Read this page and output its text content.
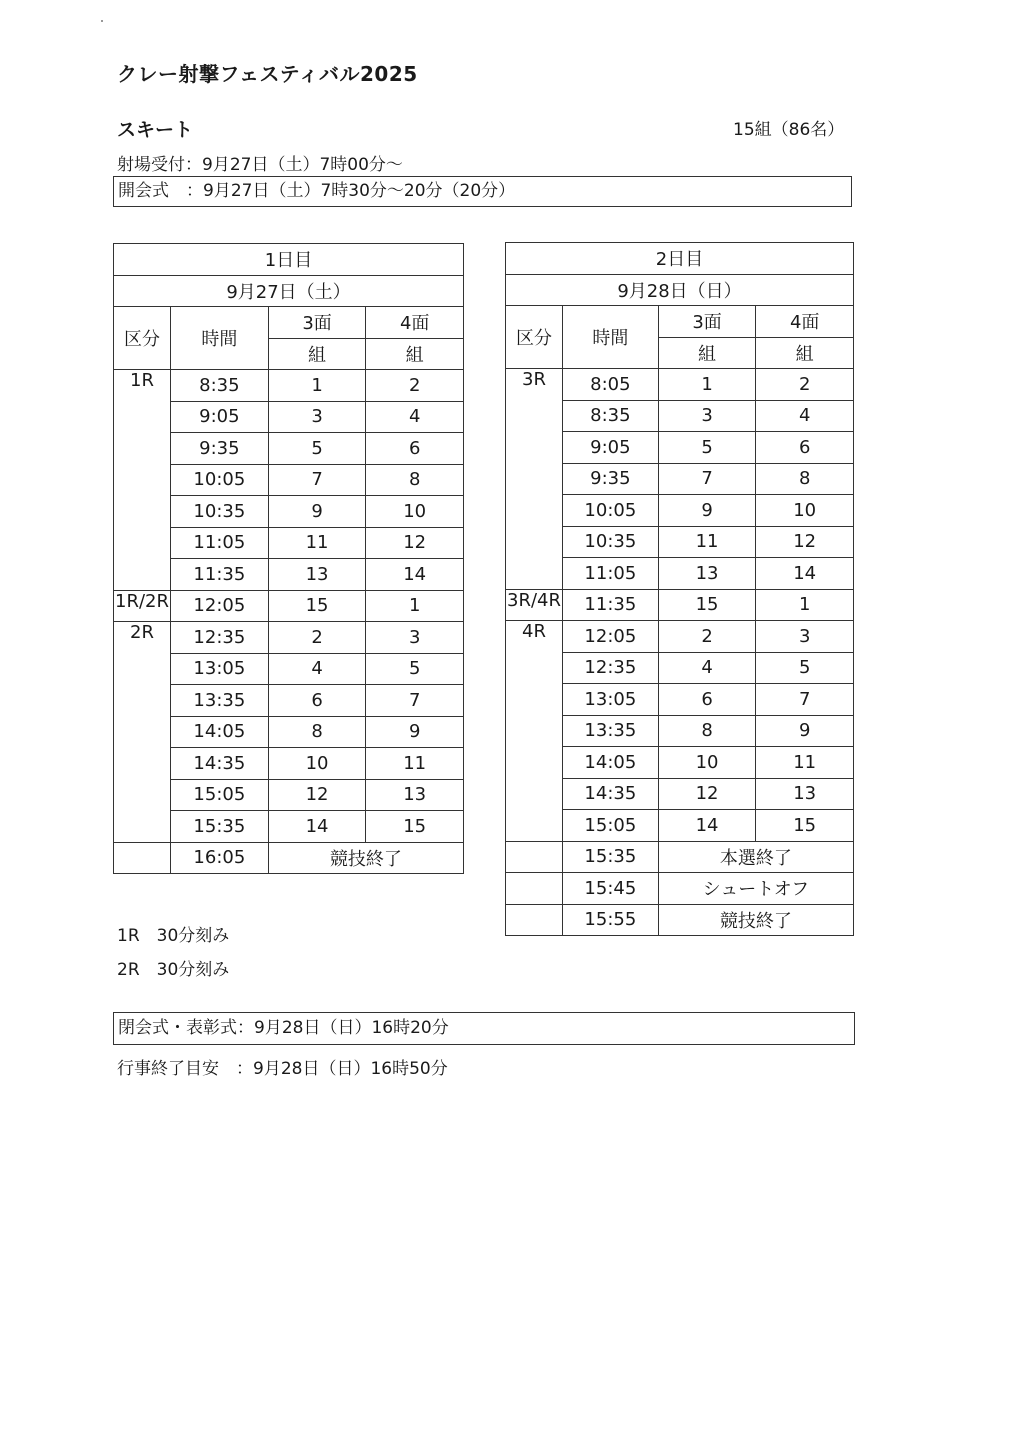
クレー射撃フェスティバル2025
スキート	15組（86名）
射場受付：9月27日（土）7時00分～
開会式　：9月27日（土）7時30分～20分（20分）
1日目			
9月27日（土）			
区分	時間	3面	4面
		組	組
1R	8:35	1	2
	9:05	3	4
	9:35	5	6
	10:05	7	8
	10:35	9	10
	11:05	11	12
	11:35	13	14
1R/2R	12:05	15	1
2R	12:35	2	3
	13:05	4	5
	13:35	6	7
	14:05	8	9
	14:35	10	11
	15:05	12	13
	15:35	14	15
	16:05	競技終了	
2日目			
9月28日（日）			
区分	時間	3面	4面
		組	組
3R	8:05	1	2
	8:35	3	4
	9:05	5	6
	9:35	7	8
	10:05	9	10
	10:35	11	12
	11:05	13	14
3R/4R	11:35	15	1
4R	12:05	2	3
	12:35	4	5
	13:05	6	7
	13:35	8	9
	14:05	10	11
	14:35	12	13
	15:05	14	15
	15:35	本選終了	
	15:45	シュートオフ	
	15:55	競技終了	
1R　30分刻み
2R　30分刻み
閉会式・表彰式：9月28日（日）16時20分
行事終了目安　：9月28日（日）16時50分
